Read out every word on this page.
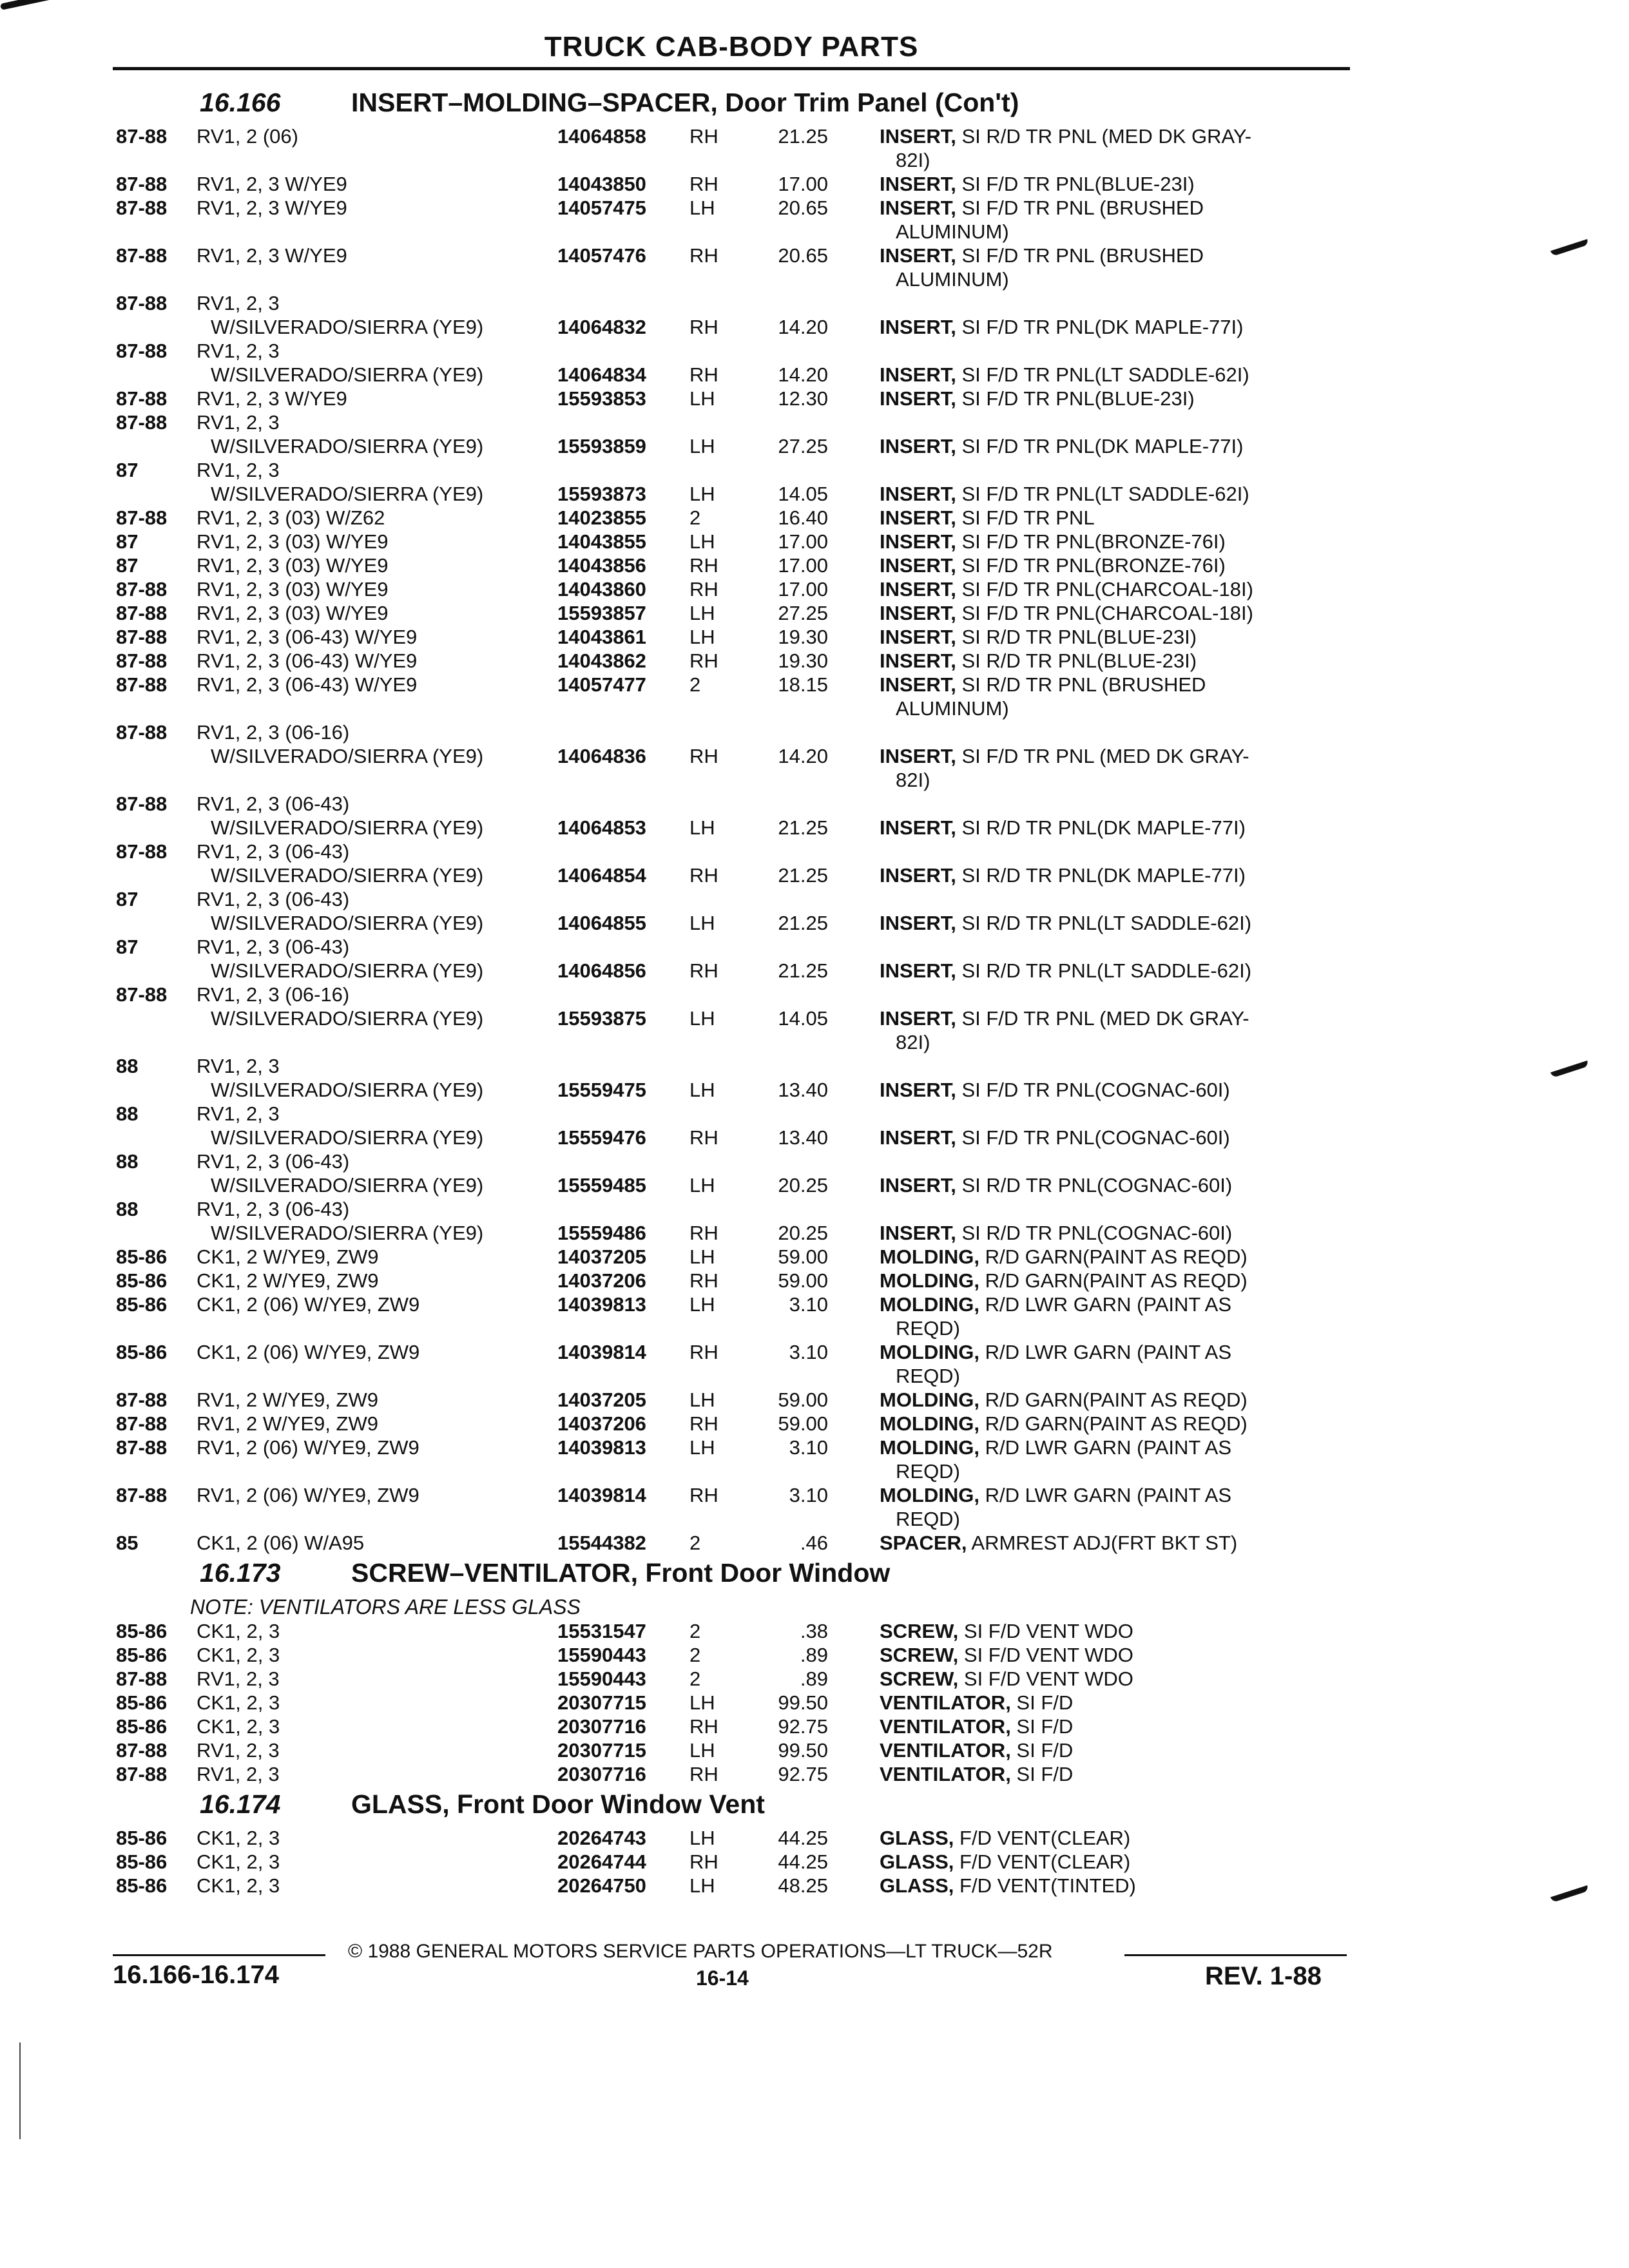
TRUCK CAB-BODY PARTS
16.166	INSERT–MOLDING–SPACER, Door Trim Panel (Con't)
87-88 RV1, 2 (06)	14064858 RH	21.25	INSERT, SI R/D TR PNL (MED DK GRAY-
82I)
87-88 RV1, 2, 3 W/YE9	14043850 RH	17.00	INSERT, SI F/D TR PNL(BLUE-23I)
87-88 RV1, 2, 3 W/YE9	14057475 LH	20.65	INSERT, SI F/D TR PNL (BRUSHED
ALUMINUM)
87-88 RV1, 2, 3 W/YE9	14057476 RH	20.65	INSERT, SI F/D TR PNL (BRUSHED
ALUMINUM)
87-88 RV1, 2, 3
W/SILVERADO/SIERRA (YE9)	14064832 RH	14.20	INSERT, SI F/D TR PNL(DK MAPLE-77I)
87-88 RV1, 2, 3
W/SILVERADO/SIERRA (YE9)	14064834 RH	14.20	INSERT, SI F/D TR PNL(LT SADDLE-62I)
87-88 RV1, 2, 3 W/YE9	15593853 LH	12.30	INSERT, SI F/D TR PNL(BLUE-23I)
87-88 RV1, 2, 3
W/SILVERADO/SIERRA (YE9)	15593859 LH	27.25	INSERT, SI F/D TR PNL(DK MAPLE-77I)
87	RV1, 2, 3
W/SILVERADO/SIERRA (YE9)	15593873 LH	14.05	INSERT, SI F/D TR PNL(LT SADDLE-62I)
87-88 RV1, 2, 3 (03) W/Z62	14023855 2	16.40	INSERT, SI F/D TR PNL
87	RV1, 2, 3 (03) W/YE9	14043855 LH	17.00	INSERT, SI F/D TR PNL(BRONZE-76I)
87	RV1, 2, 3 (03) W/YE9	14043856 RH	17.00	INSERT, SI F/D TR PNL(BRONZE-76I)
87-88 RV1, 2, 3 (03) W/YE9	14043860 RH	17.00	INSERT, SI F/D TR PNL(CHARCOAL-18I)
87-88 RV1, 2, 3 (03) W/YE9	15593857 LH	27.25	INSERT, SI F/D TR PNL(CHARCOAL-18I)
87-88 RV1, 2, 3 (06-43) W/YE9	14043861 LH	19.30	INSERT, SI R/D TR PNL(BLUE-23I)
87-88 RV1, 2, 3 (06-43) W/YE9	14043862 RH	19.30	INSERT, SI R/D TR PNL(BLUE-23I)
87-88 RV1, 2, 3 (06-43) W/YE9	14057477 2	18.15	INSERT, SI R/D TR PNL (BRUSHED
ALUMINUM)
87-88 RV1, 2, 3 (06-16)
W/SILVERADO/SIERRA (YE9)	14064836 RH	14.20	INSERT, SI F/D TR PNL (MED DK GRAY-
82I)
87-88 RV1, 2, 3 (06-43)
W/SILVERADO/SIERRA (YE9)	14064853 LH	21.25	INSERT, SI R/D TR PNL(DK MAPLE-77I)
87-88 RV1, 2, 3 (06-43)
W/SILVERADO/SIERRA (YE9)	14064854 RH	21.25	INSERT, SI R/D TR PNL(DK MAPLE-77I)
87	RV1, 2, 3 (06-43)
W/SILVERADO/SIERRA (YE9)	14064855 LH	21.25	INSERT, SI R/D TR PNL(LT SADDLE-62I)
87	RV1, 2, 3 (06-43)
W/SILVERADO/SIERRA (YE9)	14064856 RH	21.25	INSERT, SI R/D TR PNL(LT SADDLE-62I)
87-88 RV1, 2, 3 (06-16)
W/SILVERADO/SIERRA (YE9)	15593875 LH	14.05	INSERT, SI F/D TR PNL (MED DK GRAY-
82I)
88	RV1, 2, 3
W/SILVERADO/SIERRA (YE9)	15559475 LH	13.40	INSERT, SI F/D TR PNL(COGNAC-60I)
88	RV1, 2, 3
W/SILVERADO/SIERRA (YE9)	15559476 RH	13.40	INSERT, SI F/D TR PNL(COGNAC-60I)
88	RV1, 2, 3 (06-43)
W/SILVERADO/SIERRA (YE9)	15559485 LH	20.25	INSERT, SI R/D TR PNL(COGNAC-60I)
88	RV1, 2, 3 (06-43)
W/SILVERADO/SIERRA (YE9)	15559486 RH	20.25	INSERT, SI R/D TR PNL(COGNAC-60I)
85-86 CK1, 2 W/YE9, ZW9	14037205 LH	59.00	MOLDING, R/D GARN(PAINT AS REQD)
85-86 CK1, 2 W/YE9, ZW9	14037206 RH	59.00	MOLDING, R/D GARN(PAINT AS REQD)
85-86 CK1, 2 (06) W/YE9, ZW9	14039813 LH	3.10	MOLDING, R/D LWR GARN (PAINT AS
REQD)
85-86 CK1, 2 (06) W/YE9, ZW9	14039814 RH	3.10	MOLDING, R/D LWR GARN (PAINT AS
REQD)
87-88 RV1, 2 W/YE9, ZW9	14037205 LH	59.00	MOLDING, R/D GARN(PAINT AS REQD)
87-88 RV1, 2 W/YE9, ZW9	14037206 RH	59.00	MOLDING, R/D GARN(PAINT AS REQD)
87-88 RV1, 2 (06) W/YE9, ZW9	14039813 LH	3.10	MOLDING, R/D LWR GARN (PAINT AS
REQD)
87-88 RV1, 2 (06) W/YE9, ZW9	14039814 RH	3.10	MOLDING, R/D LWR GARN (PAINT AS
REQD)
85	CK1, 2 (06) W/A95	15544382 2	.46	SPACER, ARMREST ADJ(FRT BKT ST)
16.173	SCREW–VENTILATOR, Front Door Window
NOTE: VENTILATORS ARE LESS GLASS
85-86 CK1, 2, 3	15531547 2	.38	SCREW, SI F/D VENT WDO
85-86 CK1, 2, 3	15590443 2	.89	SCREW, SI F/D VENT WDO
87-88 RV1, 2, 3	15590443 2	.89	SCREW, SI F/D VENT WDO
85-86 CK1, 2, 3	20307715 LH	99.50	VENTILATOR, SI F/D
85-86 CK1, 2, 3	20307716 RH	92.75	VENTILATOR, SI F/D
87-88 RV1, 2, 3	20307715 LH	99.50	VENTILATOR, SI F/D
87-88 RV1, 2, 3	20307716 RH	92.75	VENTILATOR, SI F/D
16.174	GLASS, Front Door Window Vent
85-86 CK1, 2, 3	20264743 LH	44.25	GLASS, F/D VENT(CLEAR)
85-86 CK1, 2, 3	20264744 RH	44.25	GLASS, F/D VENT(CLEAR)
85-86 CK1, 2, 3	20264750 LH	48.25	GLASS, F/D VENT(TINTED)
© 1988 GENERAL MOTORS SERVICE PARTS OPERATIONS—LT TRUCK—52R
16.166-16.174	16-14	REV. 1-88
